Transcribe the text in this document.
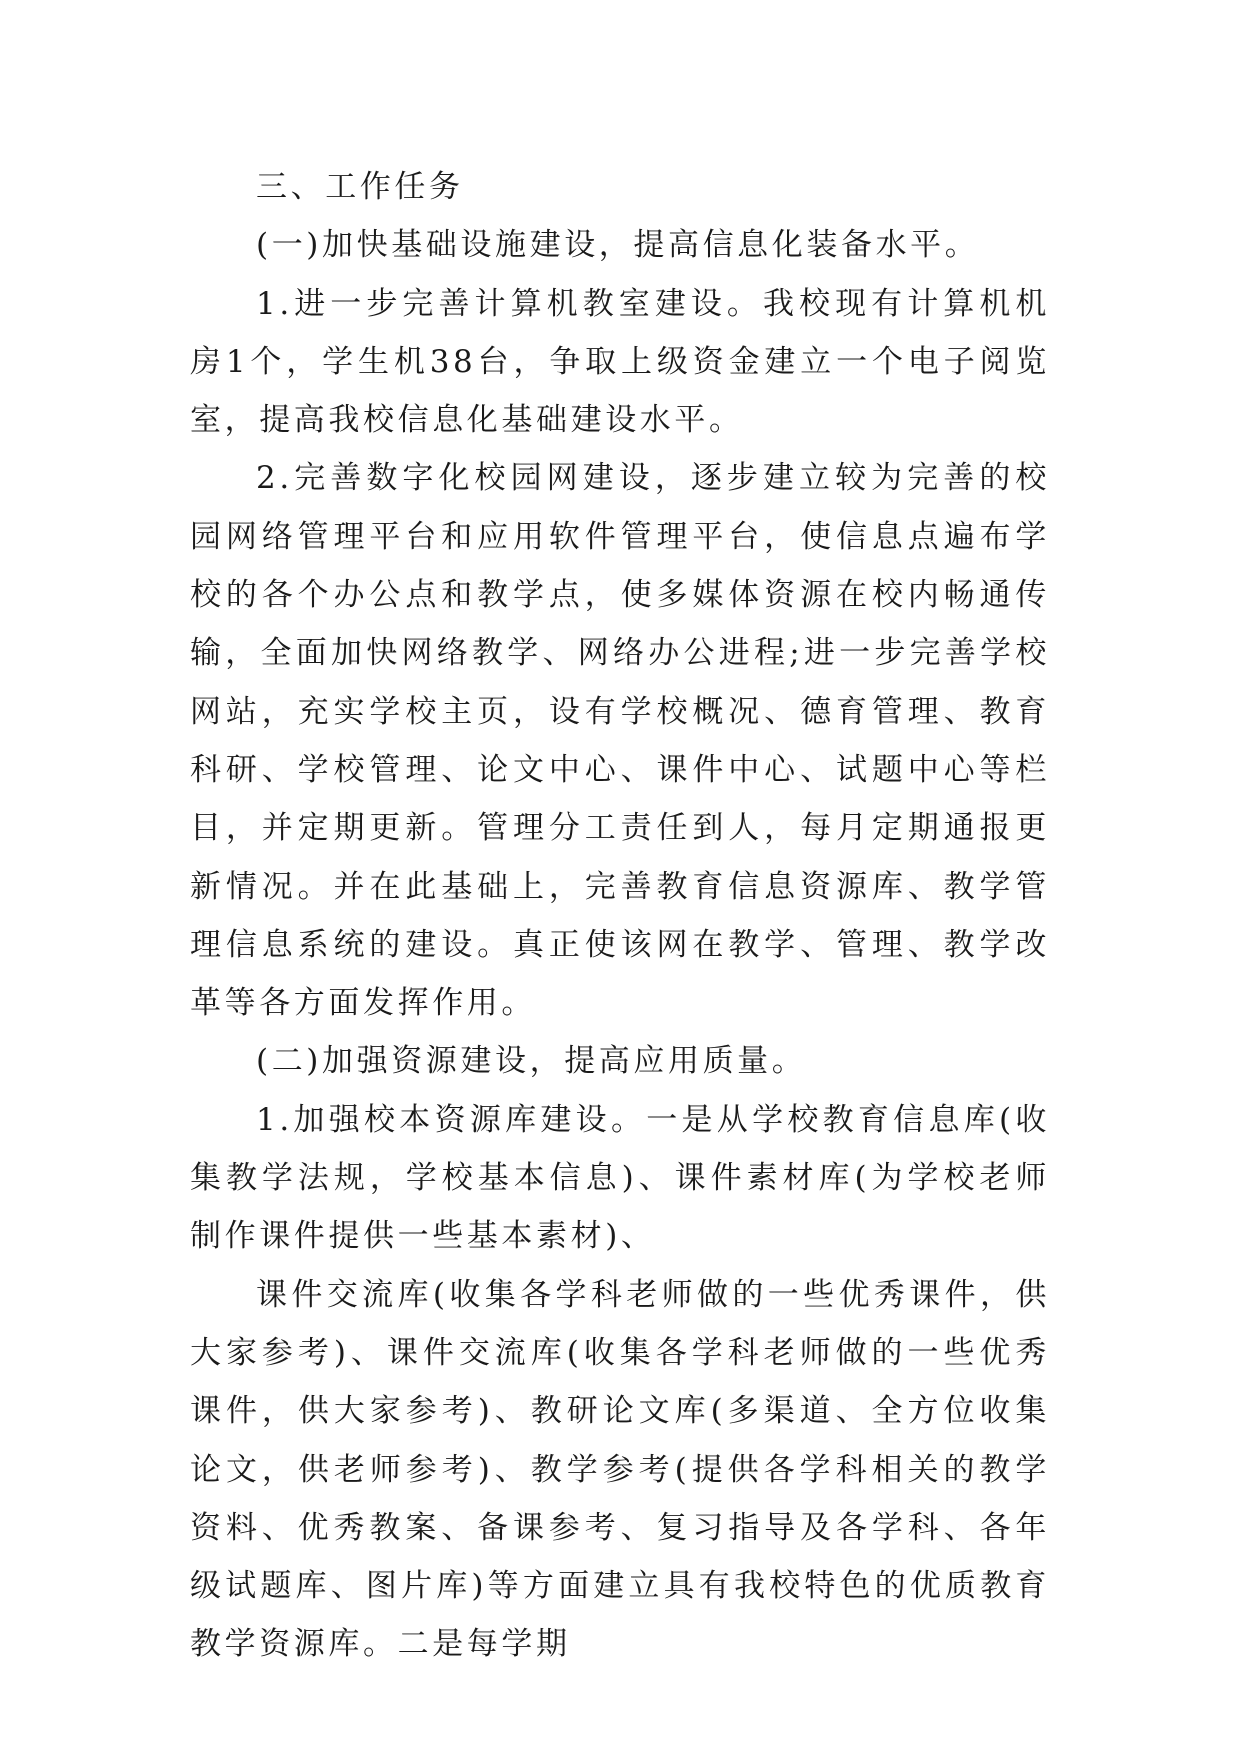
三、工作任务

(一)加快基础设施建设，提高信息化装备水平。

1.进一步完善计算机教室建设。我校现有计算机机房1个，学生机38台，争取上级资金建立一个电子阅览室，提高我校信息化基础建设水平。

2.完善数字化校园网建设，逐步建立较为完善的校园网络管理平台和应用软件管理平台，使信息点遍布学校的各个办公点和教学点，使多媒体资源在校内畅通传输，全面加快网络教学、网络办公进程;进一步完善学校网站，充实学校主页，设有学校概况、德育管理、教育科研、学校管理、论文中心、课件中心、试题中心等栏目，并定期更新。管理分工责任到人，每月定期通报更新情况。并在此基础上，完善教育信息资源库、教学管理信息系统的建设。真正使该网在教学、管理、教学改革等各方面发挥作用。

(二)加强资源建设，提高应用质量。

1.加强校本资源库建设。一是从学校教育信息库(收集教学法规，学校基本信息)、课件素材库(为学校老师制作课件提供一些基本素材)、

课件交流库(收集各学科老师做的一些优秀课件，供大家参考)、课件交流库(收集各学科老师做的一些优秀课件，供大家参考)、教研论文库(多渠道、全方位收集论文，供老师参考)、教学参考(提供各学科相关的教学资料、优秀教案、备课参考、复习指导及各学科、各年级试题库、图片库)等方面建立具有我校特色的优质教育教学资源库。二是每学期
